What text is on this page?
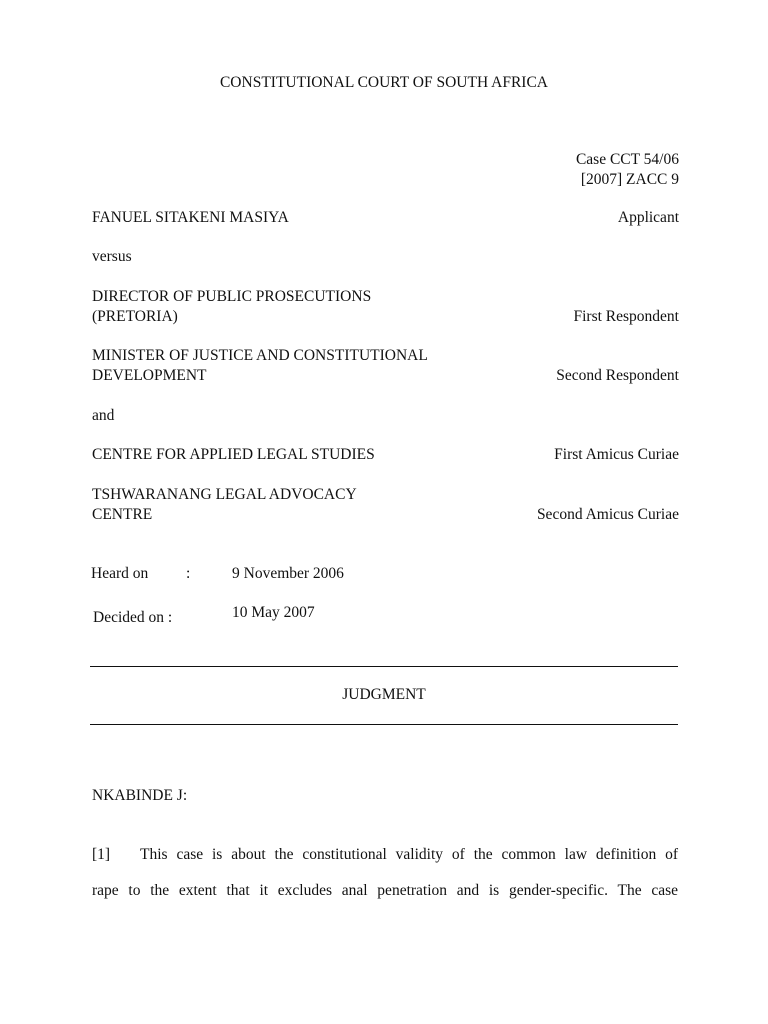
CONSTITUTIONAL COURT OF SOUTH AFRICA
Case CCT 54/06
[2007] ZACC 9
FANUEL SITAKENI MASIYA	Applicant
versus
DIRECTOR OF PUBLIC PROSECUTIONS
(PRETORIA)	First Respondent
MINISTER OF JUSTICE AND CONSTITUTIONAL
DEVELOPMENT	Second Respondent
and
CENTRE FOR APPLIED LEGAL STUDIES	First Amicus Curiae
TSHWARANANG LEGAL ADVOCACY
CENTRE	Second Amicus Curiae
Heard on :	9 November 2006
Decided on :	10 May 2007
JUDGMENT
NKABINDE J:
[1] This case is about the constitutional validity of the common law definition of
rape to the extent that it excludes anal penetration and is gender-specific. The case
